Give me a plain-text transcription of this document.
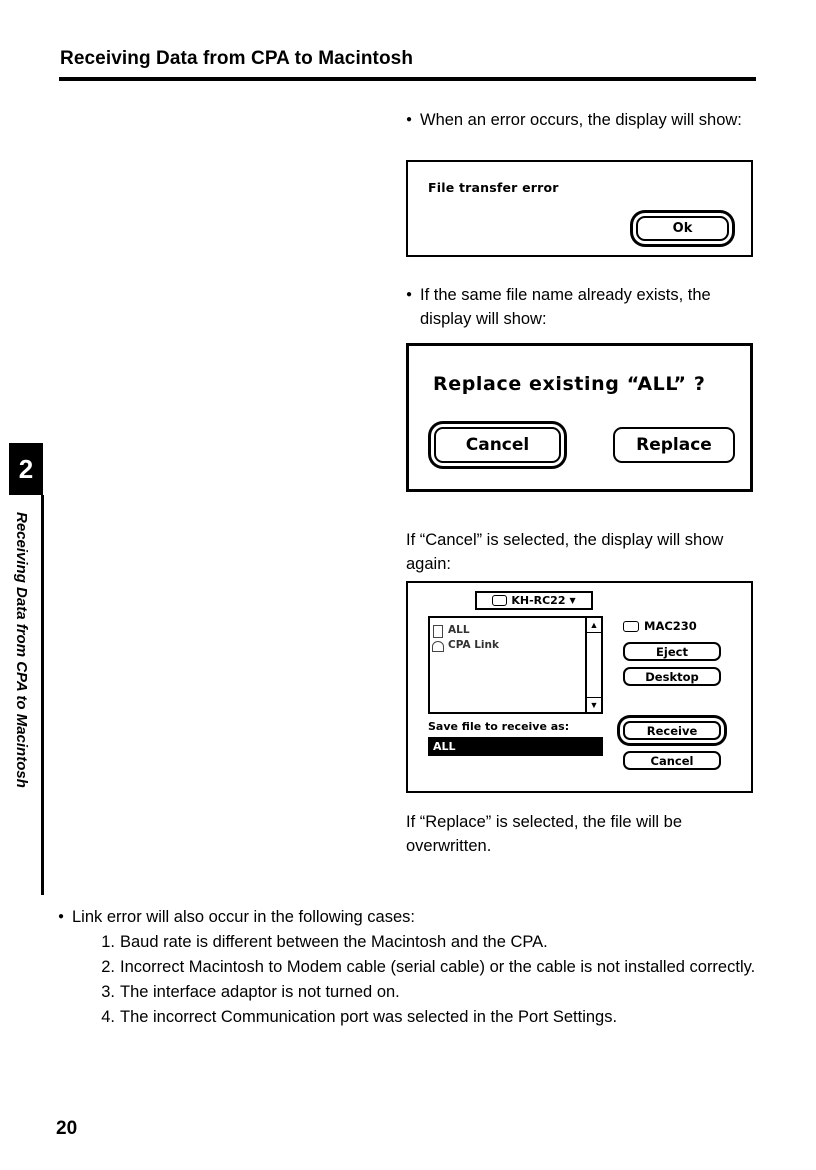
Receiving Data from CPA to Macintosh
2
Receiving Data from CPA to Macintosh
● When an error occurs, the display will show:
File transfer error
Ok
● If the same file name already exists, the display will show:
Replace existing “ALL” ?
Cancel	Replace
If “Cancel” is selected, the display will show again:
KH-RC22 ▼
ALL
CPA Link
▲
▼
Save file to receive as:
ALL
MAC230
Eject
Desktop
Receive
Cancel
If “Replace” is selected, the file will be overwritten.
● Link error will also occur in the following cases:
1. Baud rate is different between the Macintosh and the CPA.
2. Incorrect Macintosh to Modem cable (serial cable) or the cable is not installed correctly.
3. The interface adaptor is not turned on.
4. The incorrect Communication port was selected in the Port Settings.
20
